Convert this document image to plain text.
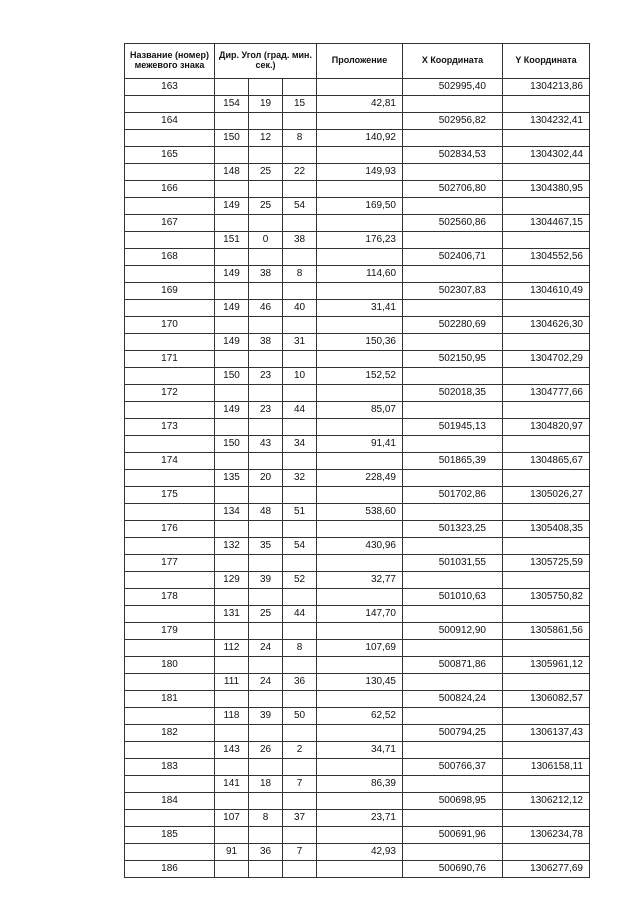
Название (номер) межевого знака	Дир. Угол (град. мин. сек.)			Проложение	X Координата	Y Координата
163					502995,40	1304213,86
	154	19	15	42,81		
164					502956,82	1304232,41
	150	12	8	140,92		
165					502834,53	1304302,44
	148	25	22	149,93		
166					502706,80	1304380,95
	149	25	54	169,50		
167					502560,86	1304467,15
	151	0	38	176,23		
168					502406,71	1304552,56
	149	38	8	114,60		
169					502307,83	1304610,49
	149	46	40	31,41		
170					502280,69	1304626,30
	149	38	31	150,36		
171					502150,95	1304702,29
	150	23	10	152,52		
172					502018,35	1304777,66
	149	23	44	85,07		
173					501945,13	1304820,97
	150	43	34	91,41		
174					501865,39	1304865,67
	135	20	32	228,49		
175					501702,86	1305026,27
	134	48	51	538,60		
176					501323,25	1305408,35
	132	35	54	430,96		
177					501031,55	1305725,59
	129	39	52	32,77		
178					501010,63	1305750,82
	131	25	44	147,70		
179					500912,90	1305861,56
	112	24	8	107,69		
180					500871,86	1305961,12
	111	24	36	130,45		
181					500824,24	1306082,57
	118	39	50	62,52		
182					500794,25	1306137,43
	143	26	2	34,71		
183					500766,37	1306158,11
	141	18	7	86,39		
184					500698,95	1306212,12
	107	8	37	23,71		
185					500691,96	1306234,78
	91	36	7	42,93		
186					500690,76	1306277,69
